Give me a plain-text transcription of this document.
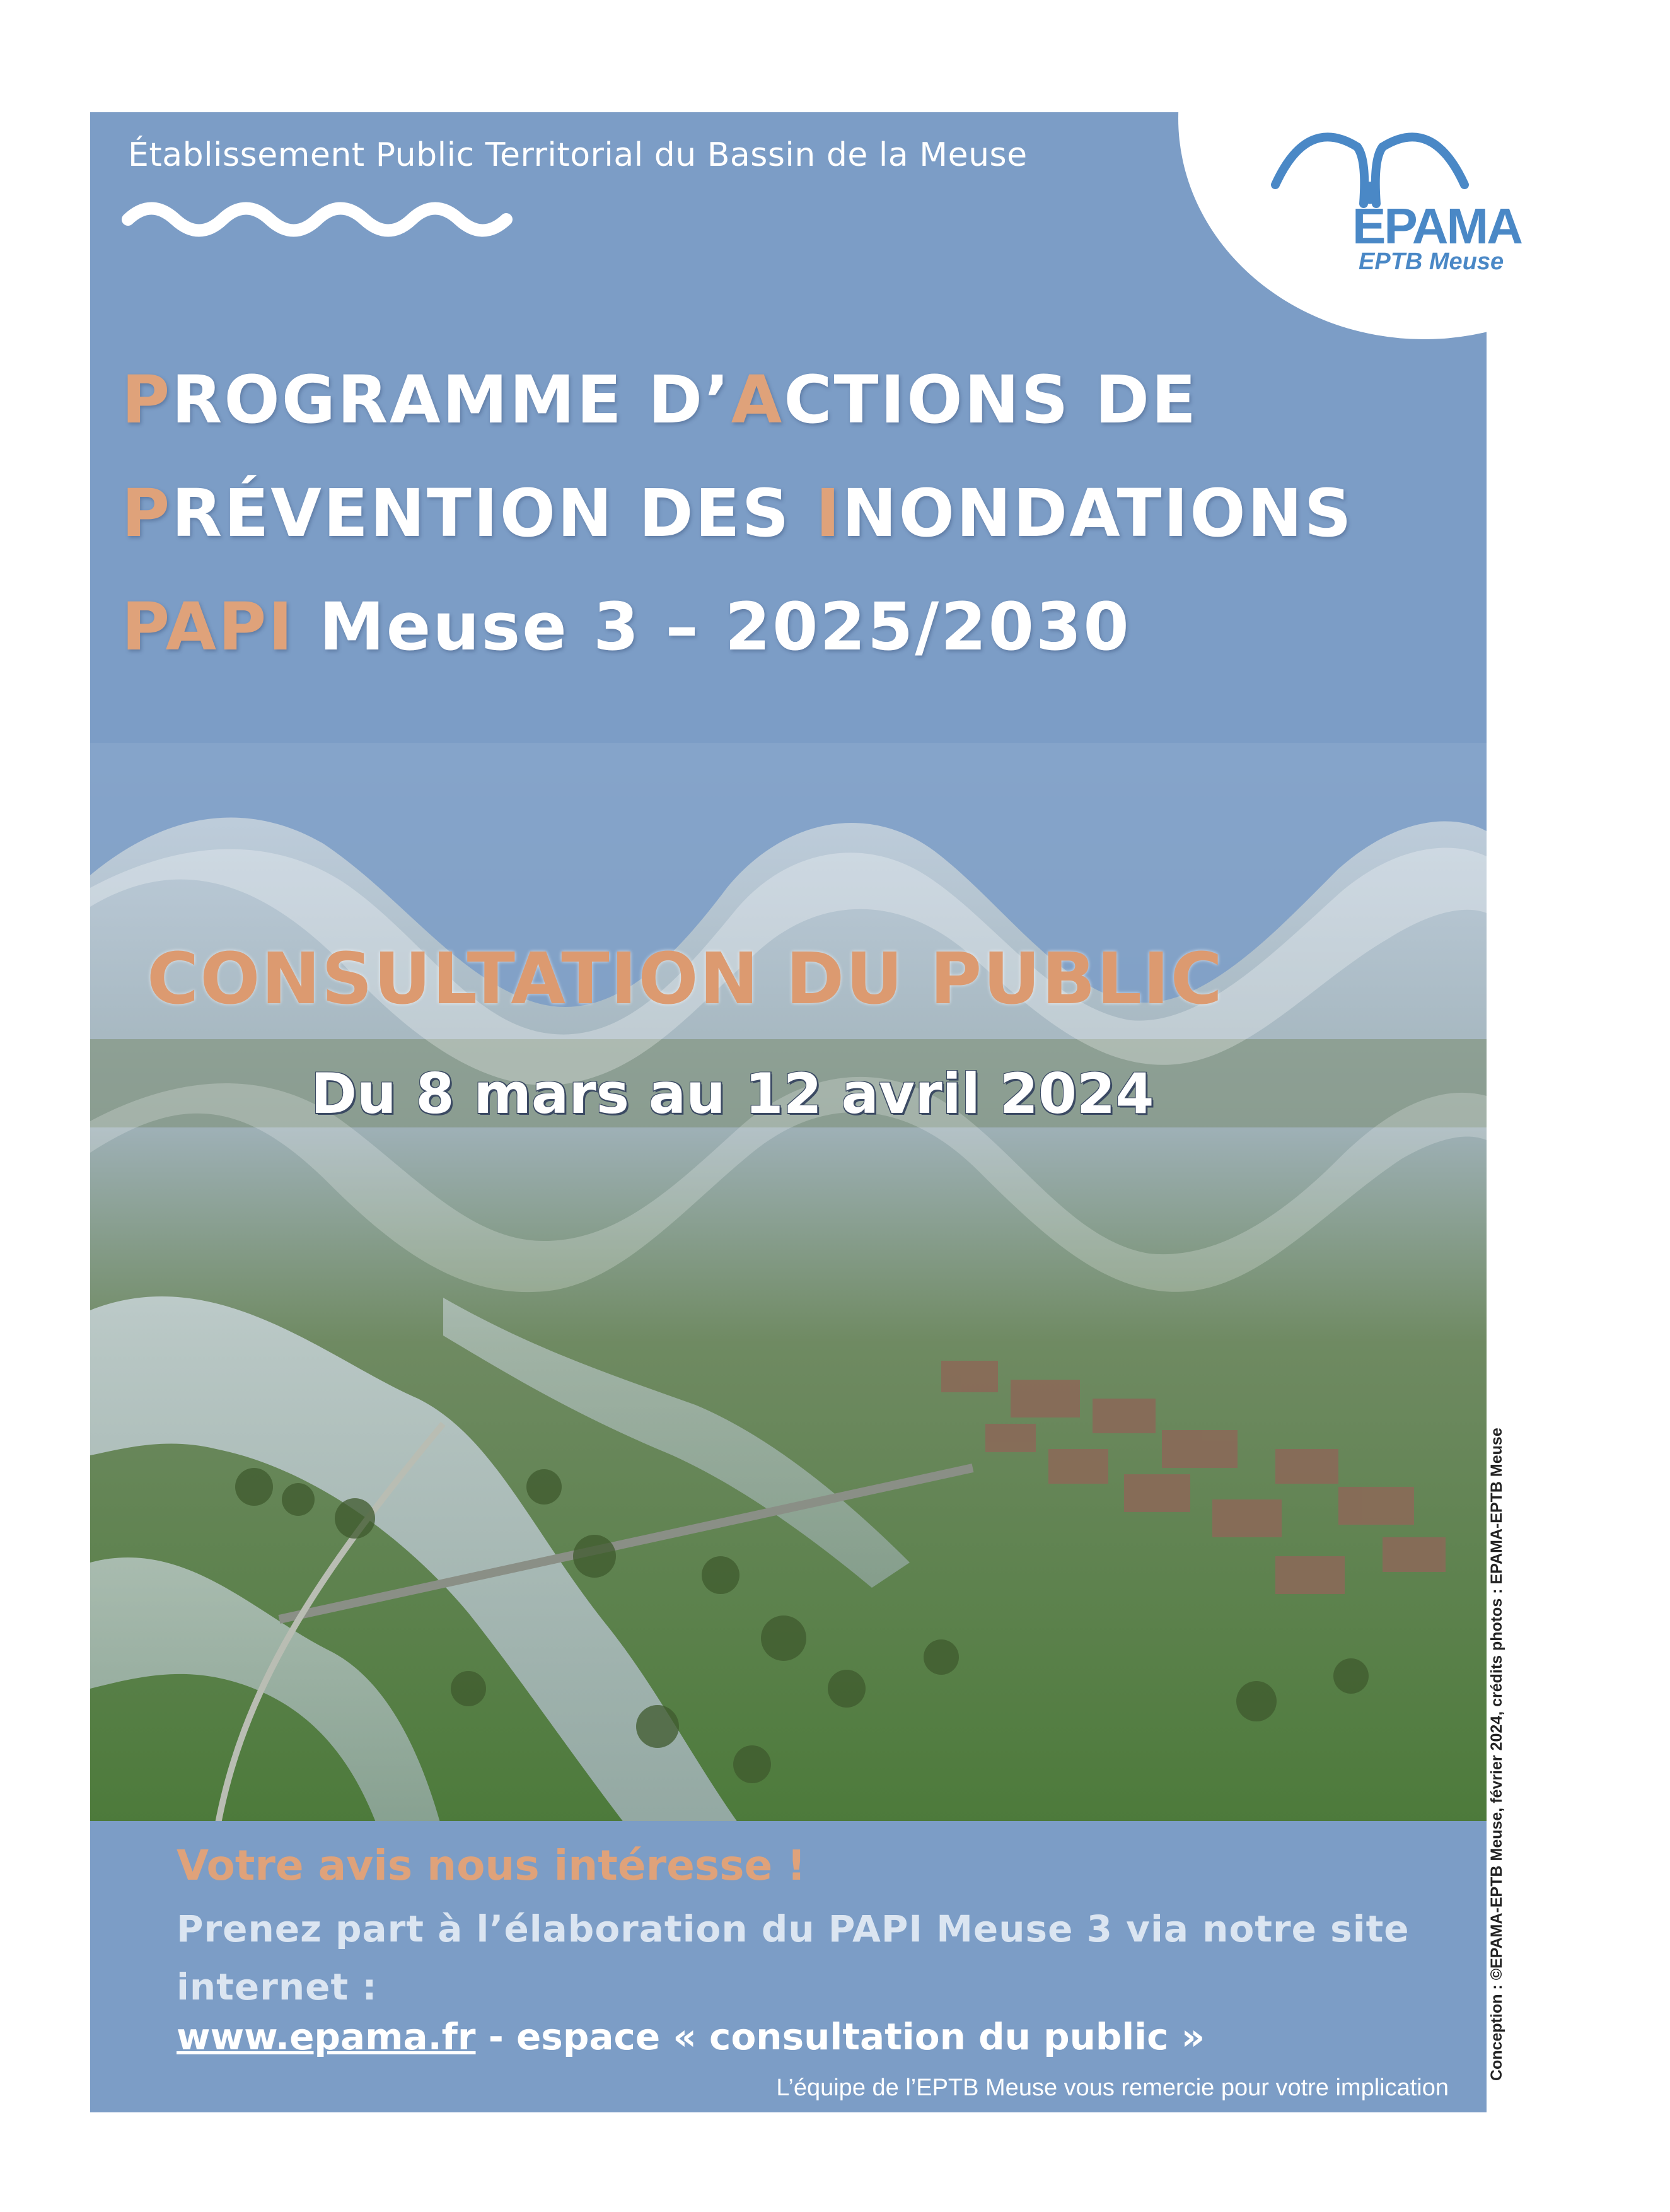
Établissement Public Territorial du Bassin de la Meuse
EPAMA
EPTB Meuse
PROGRAMME D’ACTIONS DE
PRÉVENTION DES INONDATIONS
PAPI Meuse 3 – 2025/2030
CONSULTATION DU PUBLIC
Du 8 mars au 12 avril 2024
Votre avis nous intéresse !
Prenez part à l’élaboration du PAPI Meuse 3 via notre site internet :
www.epama.fr - espace « consultation du public »
L’équipe de l’EPTB Meuse vous remercie pour votre implication
Conception : ©EPAMA-EPTB Meuse, février 2024, crédits photos : EPAMA-EPTB Meuse
